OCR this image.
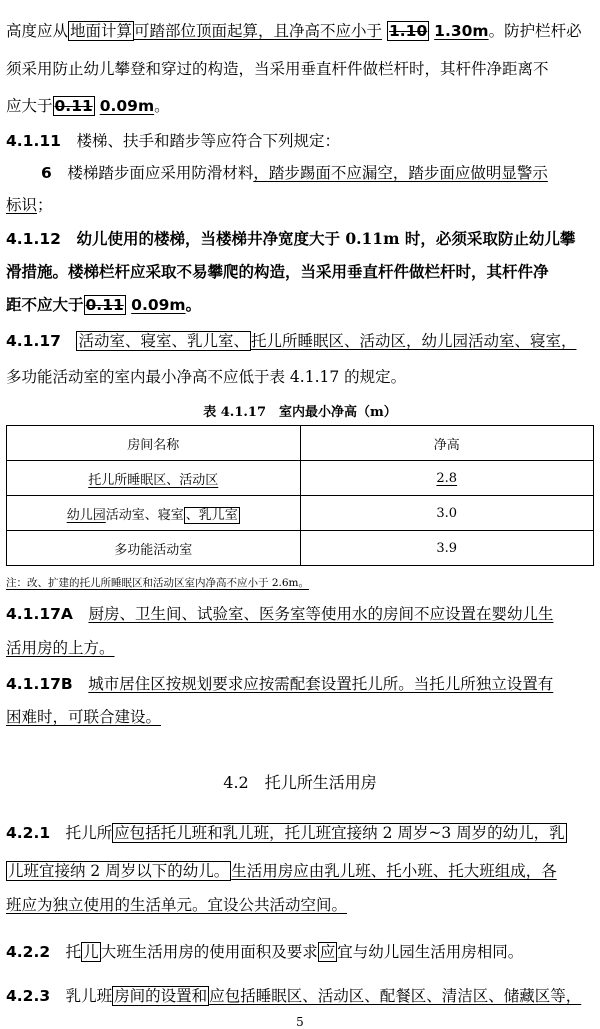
高度应从 地面计算 可踏部位顶面起算，且净高不应小于 1.10 1.30m。防护栏杆必
须采用防止幼儿攀登和穿过的构造，当采用垂直杆件做栏杆时，其杆件净距离不
应大于 0.11 0.09m。
4.1.11　 楼梯、扶手和踏步等应符合下列规定：
6　 楼梯踏步面应采用防滑材料，踏步踢面不应漏空，踏步面应做明显警示
标识；
4.1.12　 幼儿使用的楼梯，当楼梯井净宽度大于 0.11m 时，必须采取防止幼儿攀
滑措施。楼梯栏杆应采取不易攀爬的构造，当采用垂直杆件做栏杆时，其杆件净
距不应大于 0.11 0.09m。
4.1.17　 活动室、寝室、乳儿室、 托儿所睡眠区、活动区，幼儿园活动室、寝室，
多功能活动室的室内最小净高不应低于表 4.1.17 的规定。
表 4.1.17　室内最小净高（m）
房间名称	净高
托儿所睡眠区、活动区	2.8
幼儿园活动室、寝室 、乳儿室	3.0
多功能活动室	3.9
注：改、扩建的托儿所睡眠区和活动区室内净高不应小于 2.6m。
4.1.17A　 厨房、卫生间、试验室、医务室等使用水的房间不应设置在婴幼儿生
活用房的上方。
4.1.17B　 城市居住区按规划要求应按需配套设置托儿所。当托儿所独立设置有
困难时，可联合建设。
4.2　托儿所生活用房
4.2.1　 托儿所 应包括托儿班和乳儿班，托儿班宜接纳 2 周岁~3 周岁的幼儿，乳
儿班宜接纳 2 周岁以下的幼儿。 生活用房应由乳儿班、托小班、托大班组成，各
班应为独立使用的生活单元。宜设公共活动空间。
4.2.2　 托 儿 大班生活用房的使用面积及要求 应 宜与幼儿园生活用房相同。
4.2.3　 乳儿班 房间的设置和 应包括睡眠区、活动区、配餐区、清洁区、储藏区等，
5
